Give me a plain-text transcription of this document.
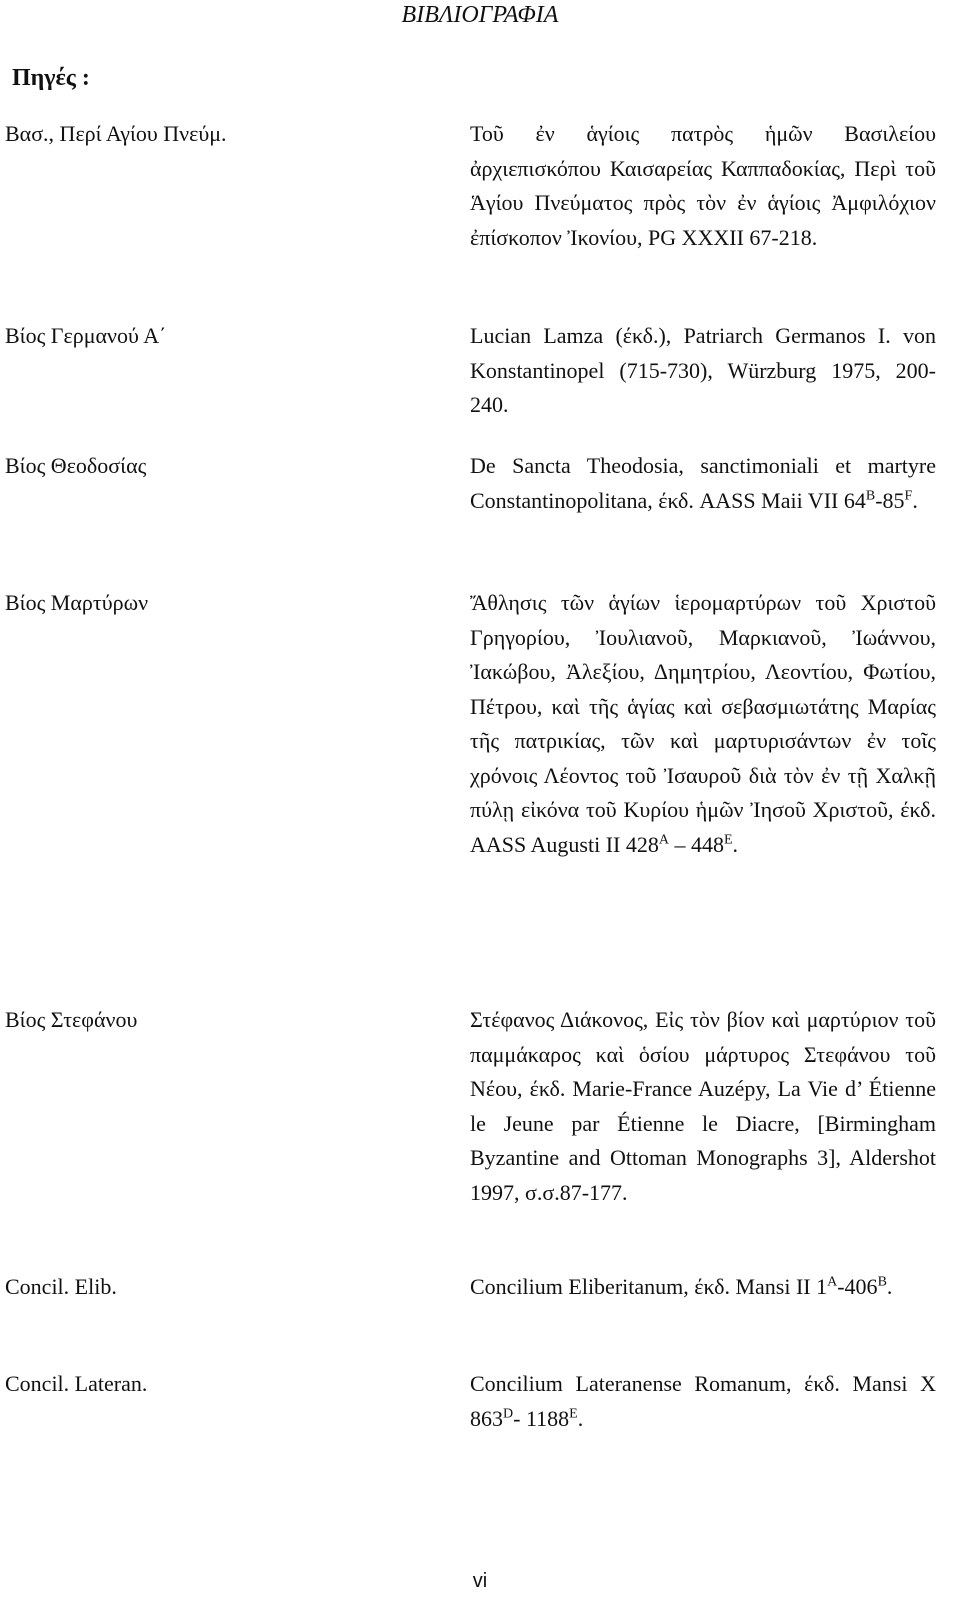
ΒΙΒΛΙΟΓΡΑΦΙΑ
Πηγές :
Βασ., Περί Αγίου Πνεύμ.	Τοῦ ἐν ἁγίοις πατρὸς ἡμῶν Βασιλείου ἀρχιεπισκόπου Καισαρείας Καππαδοκίας, Περὶ τοῦ Ἁγίου Πνεύματος πρὸς τὸν ἐν ἁγίοις Ἀμφιλόχιον ἐπίσκοπον Ἰκονίου, PG XXXII 67-218.
Βίος Γερμανού Α΄	Lucian Lamza (έκδ.), Patriarch Germanos I. von Konstantinopel (715-730), Würzburg 1975, 200-240.
Βίος Θεοδοσίας	De Sancta Theodosia, sanctimoniali et martyre Constantinopolitana, έκδ. AASS Maii VII $64^B-85^F$.
Βίος Μαρτύρων	Ἄθλησις τῶν ἁγίων ἱερομαρτύρων τοῦ Χριστοῦ Γρηγορίου, Ἰουλιανοῦ, Μαρκιανοῦ, Ἰωάννου, Ἰακώβου, Ἀλεξίου, Δημητρίου, Λεοντίου, Φωτίου, Πέτρου, καὶ τῆς ἁγίας καὶ σεβασμιωτάτης Μαρίας τῆς πατρικίας, τῶν καὶ μαρτυρισάντων ἐν τοῖς χρόνοις Λέοντος τοῦ Ἰσαυροῦ διὰ τὸν ἐν τῇ Χαλκῇ πύλῃ εἰκόνα τοῦ Κυρίου ἡμῶν Ἰησοῦ Χριστοῦ, έκδ. AASS Augusti II $428^A - 448^E$.
Βίος Στεφάνου	Στέφανος Διάκονος, Εἰς τὸν βίον καὶ μαρτύριον τοῦ παμμάκαρος καὶ ὁσίου μάρτυρος Στεφάνου τοῦ Νέου, έκδ. Marie-France Auzépy, La Vie d’ Étienne le Jeune par Étienne le Diacre, [Birmingham Byzantine and Ottoman Monographs 3], Aldershot 1997, σ.σ.87-177.
Concil. Elib.	Concilium Eliberitanum, έκδ. Mansi II $1^A-406^B$.
Concil. Lateran.	Concilium Lateranense Romanum, έκδ. Mansi X $863^D-$ $1188^E$.
vi
